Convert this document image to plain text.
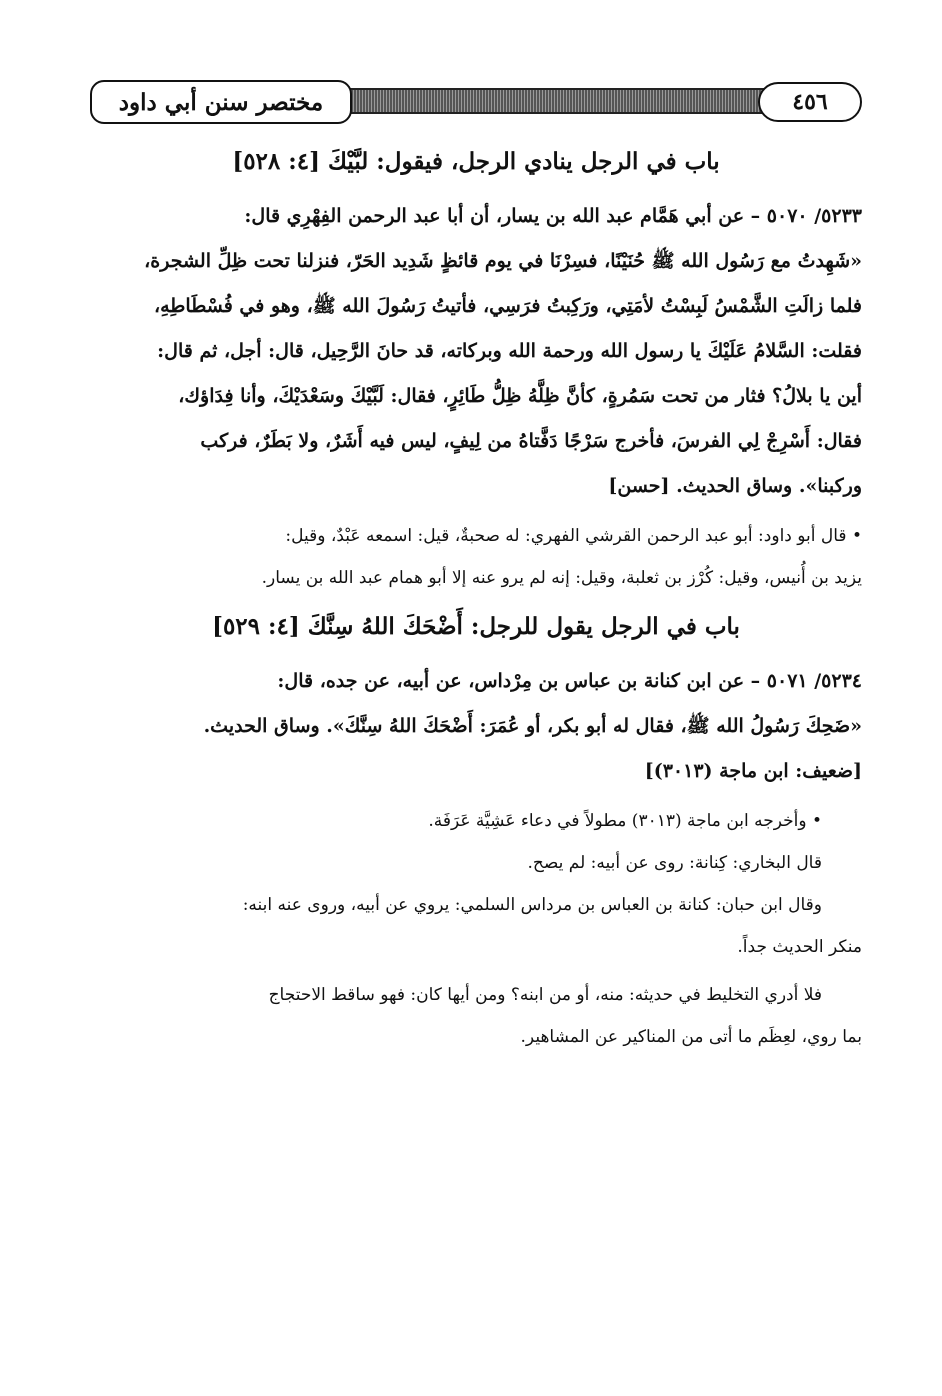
٤٥٦
مختصر سنن أبي داود
باب في الرجل ينادي الرجل، فيقول: لبَّيْكَ [٤: ٥٢٨]

٥٢٣٣/ ٥٠٧٠ – عن أبي هَمَّام عبد الله بن يسار، أن أبا عبد الرحمن الفِهْرِي قال:

«شَهِدتُ مع رَسُول الله ﷺ حُنَيْنًا، فسِرْنَا في يوم قائظٍ شَدِيد الحَرّ، فنزلنا تحت ظِلِّ الشجرة،

فلما زالَتِ الشَّمْسُ لَبِسْتُ لأمَتِي، ورَكِبتُ فرَسِي، فأتيتُ رَسُولَ الله ﷺ، وهو في فُسْطَاطِهِ،

فقلت: السَّلامُ عَلَيْكَ يا رسول الله ورحمة الله وبركاته، قد حانَ الرَّحِيل، قال: أجل، ثم قال:

أين يا بلالُ؟ فثار من تحت سَمُرةٍ، كأنَّ ظِلَّهُ ظِلُّ طَائِرٍ، فقال: لَبَّيْكَ وسَعْدَيْكَ، وأنا فِدَاؤك،

فقال: أَسْرِجْ لِي الفرسَ، فأخرج سَرْجًا دَفَّتاهُ من لِيفٍ، ليس فيه أَشَرٌ، ولا بَطَرٌ، فركب

وركبنا». وساق الحديث. [حسن]

• قال أبو داود: أبو عبد الرحمن القرشي الفهري: له صحبةٌ، قيل: اسمعه عَبْدٌ، وقيل:

يزيد بن أُنيس، وقيل: كُرْز بن ثعلبة، وقيل: إنه لم يرو عنه إلا أبو همام عبد الله بن يسار.

باب في الرجل يقول للرجل: أَضْحَكَ اللهُ سِنَّكَ [٤: ٥٢٩]

٥٢٣٤/ ٥٠٧١ – عن ابن كنانة بن عباس بن مِرْداس، عن أبيه، عن جده، قال:

«ضَحِكَ رَسُولُ الله ﷺ، فقال له أبو بكر، أو عُمَرَ: أَضْحَكَ اللهُ سِنَّكَ». وساق الحديث.

[ضعيف: ابن ماجة (٣٠١٣)]

• وأخرجه ابن ماجة (٣٠١٣) مطولاً في دعاء عَشِيَّة عَرَفَة.

قال البخاري: كِنانة: روى عن أبيه: لم يصح.

وقال ابن حبان: كنانة بن العباس بن مرداس السلمي: يروي عن أبيه، وروى عنه ابنه:

منكر الحديث جداً.

فلا أدري التخليط في حديثه: منه، أو من ابنه؟ ومن أيها كان: فهو ساقط الاحتجاج

بما روي، لعِظَم ما أتى من المناكير عن المشاهير.
